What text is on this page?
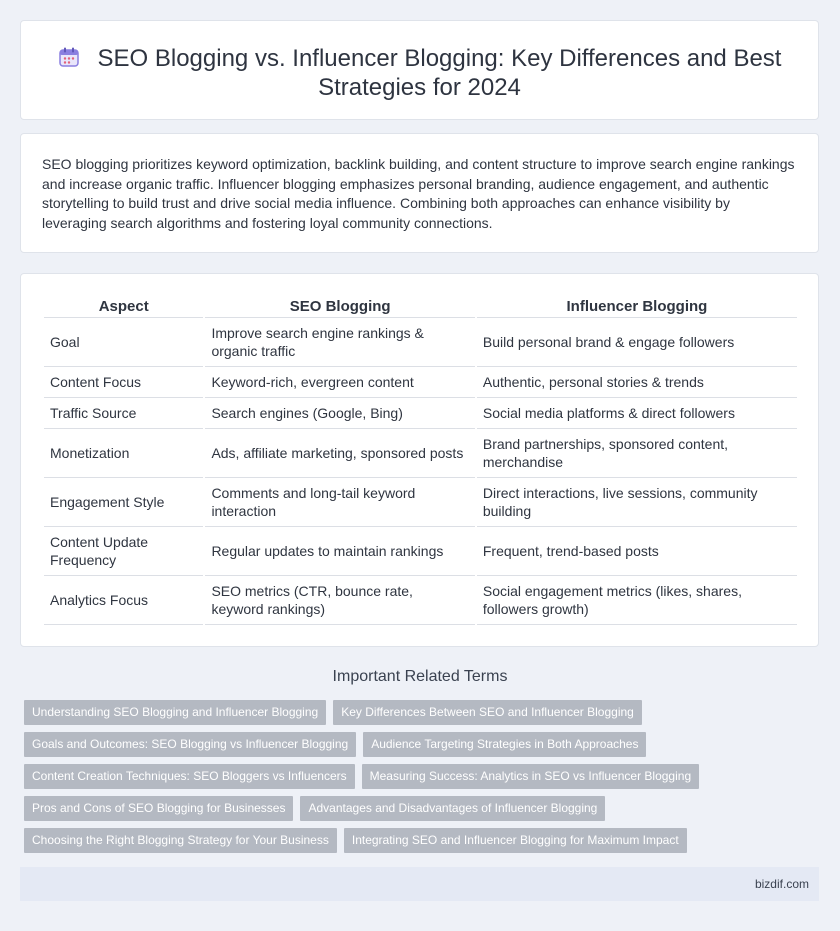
SEO Blogging vs. Influencer Blogging: Key Differences and Best Strategies for 2024

SEO blogging prioritizes keyword optimization, backlink building, and content structure to improve search engine rankings and increase organic traffic. Influencer blogging emphasizes personal branding, audience engagement, and authentic storytelling to build trust and drive social media influence. Combining both approaches can enhance visibility by leveraging search algorithms and fostering loyal community connections.

Aspect	SEO Blogging	Influencer Blogging
Goal	Improve search engine rankings & organic traffic	Build personal brand & engage followers
Content Focus	Keyword-rich, evergreen content	Authentic, personal stories & trends
Traffic Source	Search engines (Google, Bing)	Social media platforms & direct followers
Monetization	Ads, affiliate marketing, sponsored posts	Brand partnerships, sponsored content, merchandise
Engagement Style	Comments and long-tail keyword interaction	Direct interactions, live sessions, community building
Content Update Frequency	Regular updates to maintain rankings	Frequent, trend-based posts
Analytics Focus	SEO metrics (CTR, bounce rate, keyword rankings)	Social engagement metrics (likes, shares, followers growth)
Important Related Terms
Understanding SEO Blogging and Influencer Blogging	Key Differences Between SEO and Influencer Blogging
Goals and Outcomes: SEO Blogging vs Influencer Blogging	Audience Targeting Strategies in Both Approaches
Content Creation Techniques: SEO Bloggers vs Influencers	Measuring Success: Analytics in SEO vs Influencer Blogging
Pros and Cons of SEO Blogging for Businesses	Advantages and Disadvantages of Influencer Blogging
Choosing the Right Blogging Strategy for Your Business	Integrating SEO and Influencer Blogging for Maximum Impact
bizdif.com
